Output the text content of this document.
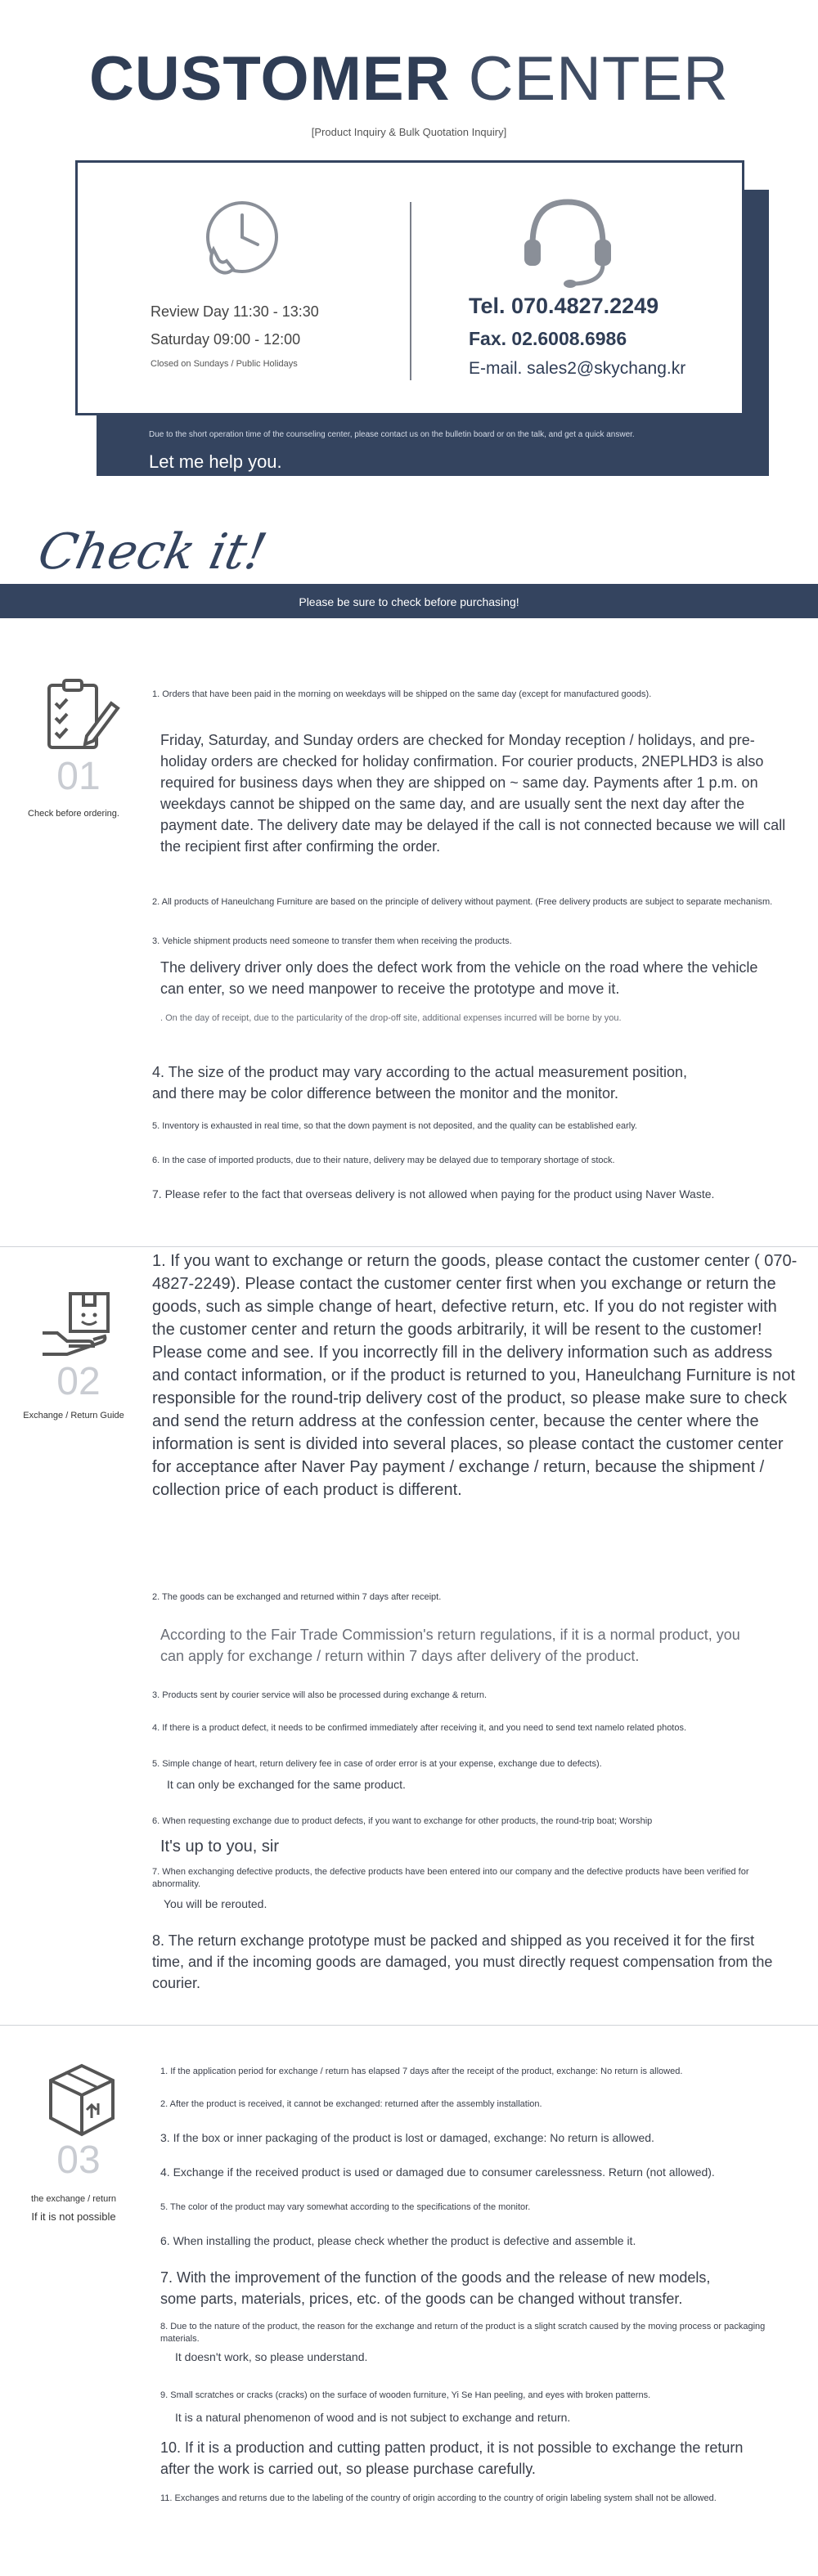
CUSTOMER CENTER
[Product Inquiry & Bulk Quotation Inquiry]
Review Day 11:30 - 13:30
Saturday 09:00 - 12:00
Closed on Sundays / Public Holidays
Tel. 070.4827.2249
Fax. 02.6008.6986
E-mail. sales2@skychang.kr
Due to the short operation time of the counseling center, please contact us on the bulletin board or on the talk, and get a quick answer.
Let me help you.
Check it!
Please be sure to check before purchasing!
01
Check before ordering.
1. Orders that have been paid in the morning on weekdays will be shipped on the same day (except for manufactured goods).
Friday, Saturday, and Sunday orders are checked for Monday reception / holidays, and pre-holiday orders are checked for holiday confirmation. For courier products, 2NEPLHD3 is also required for business days when they are shipped on ~ same day. Payments after 1 p.m. on weekdays cannot be shipped on the same day, and are usually sent the next day after the payment date. The delivery date may be delayed if the call is not connected because we will call the recipient first after confirming the order.
2. All products of Haneulchang Furniture are based on the principle of delivery without payment. (Free delivery products are subject to separate mechanism.
3. Vehicle shipment products need someone to transfer them when receiving the products.
The delivery driver only does the defect work from the vehicle on the road where the vehicle can enter, so we need manpower to receive the prototype and move it.
. On the day of receipt, due to the particularity of the drop-off site, additional expenses incurred will be borne by you.
4. The size of the product may vary according to the actual measurement position, and there may be color difference between the monitor and the monitor.
5. Inventory is exhausted in real time, so that the down payment is not deposited, and the quality can be established early.
6. In the case of imported products, due to their nature, delivery may be delayed due to temporary shortage of stock.
7. Please refer to the fact that overseas delivery is not allowed when paying for the product using Naver Waste.
02
Exchange / Return Guide
1. If you want to exchange or return the goods, please contact the customer center ( 070-4827-2249). Please contact the customer center first when you exchange or return the goods, such as simple change of heart, defective return, etc. If you do not register with the customer center and return the goods arbitrarily, it will be resent to the customer! Please come and see. If you incorrectly fill in the delivery information such as address and contact information, or if the product is returned to you, Haneulchang Furniture is not responsible for the round-trip delivery cost of the product, so please make sure to check and send the return address at the confession center, because the center where the information is sent is divided into several places, so please contact the customer center for acceptance after Naver Pay payment / exchange / return, because the shipment / collection price of each product is different.
2. The goods can be exchanged and returned within 7 days after receipt.
According to the Fair Trade Commission's return regulations, if it is a normal product, you can apply for exchange / return within 7 days after delivery of the product.
3. Products sent by courier service will also be processed during exchange & return.
4. If there is a product defect, it needs to be confirmed immediately after receiving it, and you need to send text namelo related photos.
5. Simple change of heart, return delivery fee in case of order error is at your expense, exchange due to defects).
It can only be exchanged for the same product.
6. When requesting exchange due to product defects, if you want to exchange for other products, the round-trip boat; Worship
It's up to you, sir
7. When exchanging defective products, the defective products have been entered into our company and the defective products have been verified for abnormality.
You will be rerouted.
8. The return exchange prototype must be packed and shipped as you received it for the first time, and if the incoming goods are damaged, you must directly request compensation from the courier.
03
the exchange / return
If it is not possible
1. If the application period for exchange / return has elapsed 7 days after the receipt of the product, exchange: No return is allowed.
2. After the product is received, it cannot be exchanged: returned after the assembly installation.
3. If the box or inner packaging of the product is lost or damaged, exchange: No return is allowed.
4. Exchange if the received product is used or damaged due to consumer carelessness. Return (not allowed).
5. The color of the product may vary somewhat according to the specifications of the monitor.
6. When installing the product, please check whether the product is defective and assemble it.
7. With the improvement of the function of the goods and the release of new models, some parts, materials, prices, etc. of the goods can be changed without transfer.
8. Due to the nature of the product, the reason for the exchange and return of the product is a slight scratch caused by the moving process or packaging materials.
It doesn't work, so please understand.
9. Small scratches or cracks (cracks) on the surface of wooden furniture, Yi Se Han peeling, and eyes with broken patterns.
It is a natural phenomenon of wood and is not subject to exchange and return.
10. If it is a production and cutting patten product, it is not possible to exchange the return after the work is carried out, so please purchase carefully.
11. Exchanges and returns due to the labeling of the country of origin according to the country of origin labeling system shall not be allowed.
